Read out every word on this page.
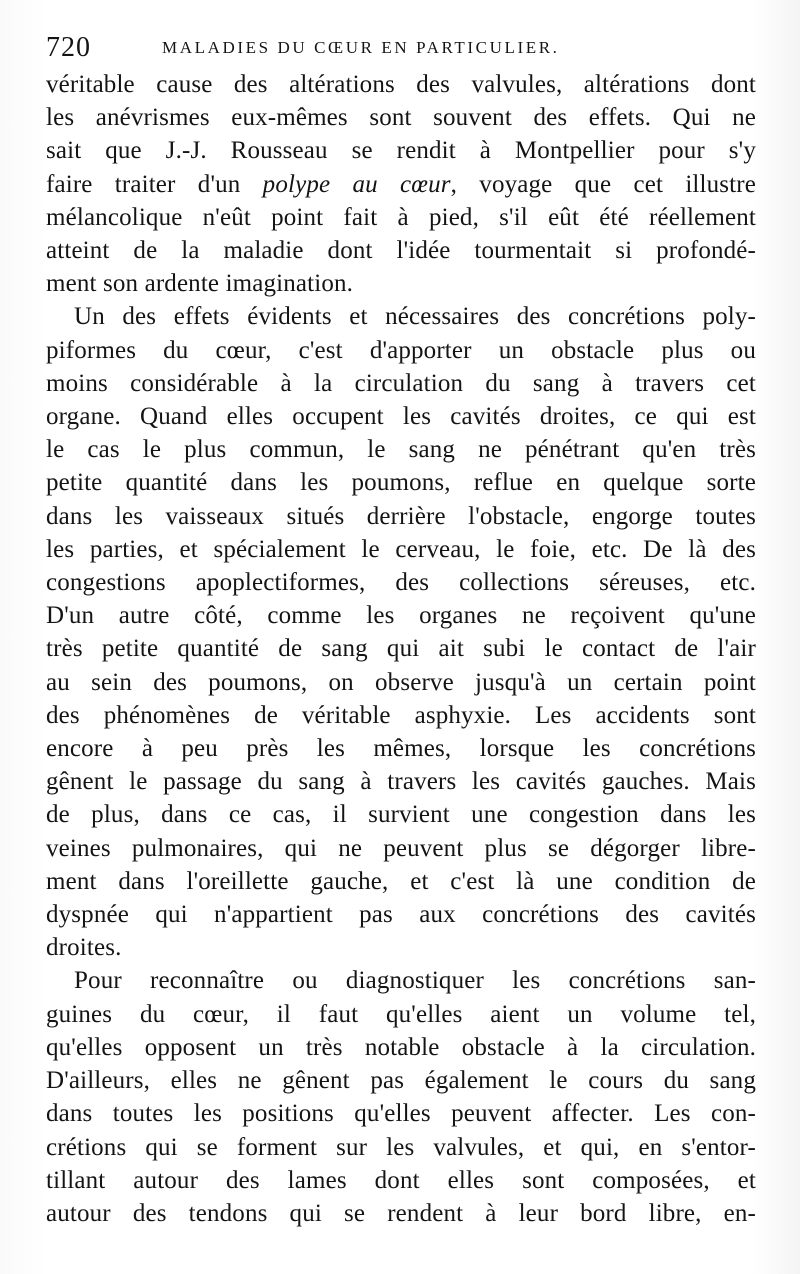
720	MALADIES DU CŒUR EN PARTICULIER.
véritable cause des altérations des valvules, altérations dont
les anévrismes eux-mêmes sont souvent des effets. Qui ne
sait que J.-J. Rousseau se rendit à Montpellier pour s'y
faire traiter d'un polype au cœur, voyage que cet illustre
mélancolique n'eût point fait à pied, s'il eût été réellement
atteint de la maladie dont l'idée tourmentait si profondé-
ment son ardente imagination.
Un des effets évidents et nécessaires des concrétions poly-
piformes du cœur, c'est d'apporter un obstacle plus ou
moins considérable à la circulation du sang à travers cet
organe. Quand elles occupent les cavités droites, ce qui est
le cas le plus commun, le sang ne pénétrant qu'en très
petite quantité dans les poumons, reflue en quelque sorte
dans les vaisseaux situés derrière l'obstacle, engorge toutes
les parties, et spécialement le cerveau, le foie, etc. De là des
congestions apoplectiformes, des collections séreuses, etc.
D'un autre côté, comme les organes ne reçoivent qu'une
très petite quantité de sang qui ait subi le contact de l'air
au sein des poumons, on observe jusqu'à un certain point
des phénomènes de véritable asphyxie. Les accidents sont
encore à peu près les mêmes, lorsque les concrétions
gênent le passage du sang à travers les cavités gauches. Mais
de plus, dans ce cas, il survient une congestion dans les
veines pulmonaires, qui ne peuvent plus se dégorger libre-
ment dans l'oreillette gauche, et c'est là une condition de
dyspnée qui n'appartient pas aux concrétions des cavités
droites.
Pour reconnaître ou diagnostiquer les concrétions san-
guines du cœur, il faut qu'elles aient un volume tel,
qu'elles opposent un très notable obstacle à la circulation.
D'ailleurs, elles ne gênent pas également le cours du sang
dans toutes les positions qu'elles peuvent affecter. Les con-
crétions qui se forment sur les valvules, et qui, en s'entor-
tillant autour des lames dont elles sont composées, et
autour des tendons qui se rendent à leur bord libre, en-
